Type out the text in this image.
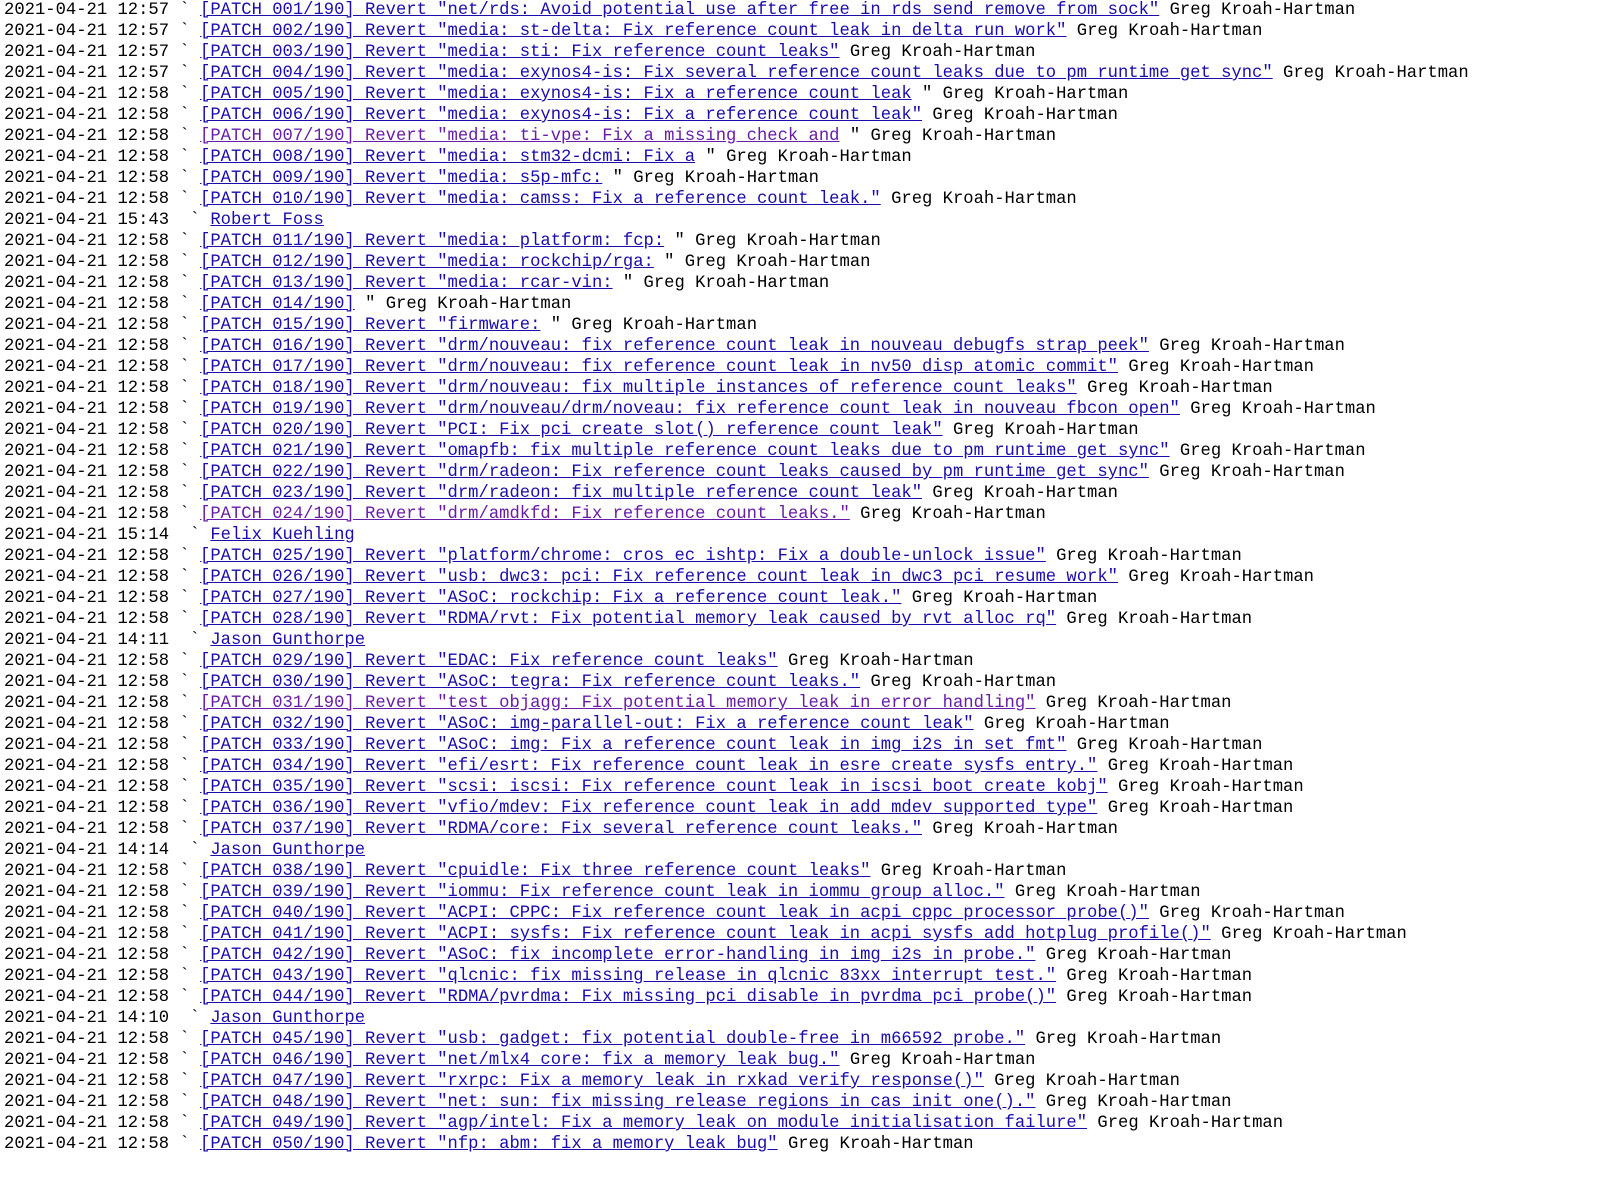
2021-04-21 12:57 ` [PATCH 001/190] Revert "net/rds: Avoid potential use after free in rds_send_remove_from_sock" Greg Kroah-Hartman
2021-04-21 12:57 ` [PATCH 002/190] Revert "media: st-delta: Fix reference count leak in delta_run_work" Greg Kroah-Hartman
2021-04-21 12:57 ` [PATCH 003/190] Revert "media: sti: Fix reference count leaks" Greg Kroah-Hartman
2021-04-21 12:57 ` [PATCH 004/190] Revert "media: exynos4-is: Fix several reference count leaks due to pm_runtime_get_sync" Greg Kroah-Hartman
2021-04-21 12:58 ` [PATCH 005/190] Revert "media: exynos4-is: Fix a reference count leak " Greg Kroah-Hartman
2021-04-21 12:58 ` [PATCH 006/190] Revert "media: exynos4-is: Fix a reference count leak" Greg Kroah-Hartman
2021-04-21 12:58 ` [PATCH 007/190] Revert "media: ti-vpe: Fix a missing check and " Greg Kroah-Hartman
2021-04-21 12:58 ` [PATCH 008/190] Revert "media: stm32-dcmi: Fix a " Greg Kroah-Hartman
2021-04-21 12:58 ` [PATCH 009/190] Revert "media: s5p-mfc: " Greg Kroah-Hartman
2021-04-21 12:58 ` [PATCH 010/190] Revert "media: camss: Fix a reference count leak." Greg Kroah-Hartman
2021-04-21 15:43 ` Robert Foss
2021-04-21 12:58 ` [PATCH 011/190] Revert "media: platform: fcp: " Greg Kroah-Hartman
2021-04-21 12:58 ` [PATCH 012/190] Revert "media: rockchip/rga: " Greg Kroah-Hartman
2021-04-21 12:58 ` [PATCH 013/190] Revert "media: rcar-vin: " Greg Kroah-Hartman
2021-04-21 12:58 ` [PATCH 014/190] " Greg Kroah-Hartman
2021-04-21 12:58 ` [PATCH 015/190] Revert "firmware: " Greg Kroah-Hartman
2021-04-21 12:58 ` [PATCH 016/190] Revert "drm/nouveau: fix reference count leak in nouveau_debugfs_strap_peek" Greg Kroah-Hartman
2021-04-21 12:58 ` [PATCH 017/190] Revert "drm/nouveau: fix reference count leak in nv50_disp_atomic_commit" Greg Kroah-Hartman
2021-04-21 12:58 ` [PATCH 018/190] Revert "drm/nouveau: fix multiple instances of reference count leaks" Greg Kroah-Hartman
2021-04-21 12:58 ` [PATCH 019/190] Revert "drm/nouveau/drm/noveau: fix reference count leak in nouveau_fbcon_open" Greg Kroah-Hartman
2021-04-21 12:58 ` [PATCH 020/190] Revert "PCI: Fix pci_create_slot() reference count leak" Greg Kroah-Hartman
2021-04-21 12:58 ` [PATCH 021/190] Revert "omapfb: fix multiple reference count leaks due to pm_runtime_get_sync" Greg Kroah-Hartman
2021-04-21 12:58 ` [PATCH 022/190] Revert "drm/radeon: Fix reference count leaks caused by pm_runtime_get_sync" Greg Kroah-Hartman
2021-04-21 12:58 ` [PATCH 023/190] Revert "drm/radeon: fix multiple reference count leak" Greg Kroah-Hartman
2021-04-21 12:58 ` [PATCH 024/190] Revert "drm/amdkfd: Fix reference count leaks." Greg Kroah-Hartman
2021-04-21 15:14 ` Felix Kuehling
2021-04-21 12:58 ` [PATCH 025/190] Revert "platform/chrome: cros_ec_ishtp: Fix a double-unlock issue" Greg Kroah-Hartman
2021-04-21 12:58 ` [PATCH 026/190] Revert "usb: dwc3: pci: Fix reference count leak in dwc3_pci_resume_work" Greg Kroah-Hartman
2021-04-21 12:58 ` [PATCH 027/190] Revert "ASoC: rockchip: Fix a reference count leak." Greg Kroah-Hartman
2021-04-21 12:58 ` [PATCH 028/190] Revert "RDMA/rvt: Fix potential memory leak caused by rvt_alloc_rq" Greg Kroah-Hartman
2021-04-21 14:11 ` Jason Gunthorpe
2021-04-21 12:58 ` [PATCH 029/190] Revert "EDAC: Fix reference count leaks" Greg Kroah-Hartman
2021-04-21 12:58 ` [PATCH 030/190] Revert "ASoC: tegra: Fix reference count leaks." Greg Kroah-Hartman
2021-04-21 12:58 ` [PATCH 031/190] Revert "test_objagg: Fix potential memory leak in error handling" Greg Kroah-Hartman
2021-04-21 12:58 ` [PATCH 032/190] Revert "ASoC: img-parallel-out: Fix a reference count leak" Greg Kroah-Hartman
2021-04-21 12:58 ` [PATCH 033/190] Revert "ASoC: img: Fix a reference count leak in img_i2s_in_set_fmt" Greg Kroah-Hartman
2021-04-21 12:58 ` [PATCH 034/190] Revert "efi/esrt: Fix reference count leak in esre_create_sysfs_entry." Greg Kroah-Hartman
2021-04-21 12:58 ` [PATCH 035/190] Revert "scsi: iscsi: Fix reference count leak in iscsi_boot_create_kobj" Greg Kroah-Hartman
2021-04-21 12:58 ` [PATCH 036/190] Revert "vfio/mdev: Fix reference count leak in add_mdev_supported_type" Greg Kroah-Hartman
2021-04-21 12:58 ` [PATCH 037/190] Revert "RDMA/core: Fix several reference count leaks." Greg Kroah-Hartman
2021-04-21 14:14 ` Jason Gunthorpe
2021-04-21 12:58 ` [PATCH 038/190] Revert "cpuidle: Fix three reference count leaks" Greg Kroah-Hartman
2021-04-21 12:58 ` [PATCH 039/190] Revert "iommu: Fix reference count leak in iommu_group_alloc." Greg Kroah-Hartman
2021-04-21 12:58 ` [PATCH 040/190] Revert "ACPI: CPPC: Fix reference count leak in acpi_cppc_processor_probe()" Greg Kroah-Hartman
2021-04-21 12:58 ` [PATCH 041/190] Revert "ACPI: sysfs: Fix reference count leak in acpi_sysfs_add_hotplug_profile()" Greg Kroah-Hartman
2021-04-21 12:58 ` [PATCH 042/190] Revert "ASoC: fix incomplete error-handling in img_i2s_in_probe." Greg Kroah-Hartman
2021-04-21 12:58 ` [PATCH 043/190] Revert "qlcnic: fix missing release in qlcnic_83xx_interrupt_test." Greg Kroah-Hartman
2021-04-21 12:58 ` [PATCH 044/190] Revert "RDMA/pvrdma: Fix missing pci disable in pvrdma_pci_probe()" Greg Kroah-Hartman
2021-04-21 14:10 ` Jason Gunthorpe
2021-04-21 12:58 ` [PATCH 045/190] Revert "usb: gadget: fix potential double-free in m66592_probe." Greg Kroah-Hartman
2021-04-21 12:58 ` [PATCH 046/190] Revert "net/mlx4_core: fix a memory leak bug." Greg Kroah-Hartman
2021-04-21 12:58 ` [PATCH 047/190] Revert "rxrpc: Fix a memory leak in rxkad_verify_response()" Greg Kroah-Hartman
2021-04-21 12:58 ` [PATCH 048/190] Revert "net: sun: fix missing release regions in cas_init_one()." Greg Kroah-Hartman
2021-04-21 12:58 ` [PATCH 049/190] Revert "agp/intel: Fix a memory leak on module initialisation failure" Greg Kroah-Hartman
2021-04-21 12:58 ` [PATCH 050/190] Revert "nfp: abm: fix a memory leak bug" Greg Kroah-Hartman
